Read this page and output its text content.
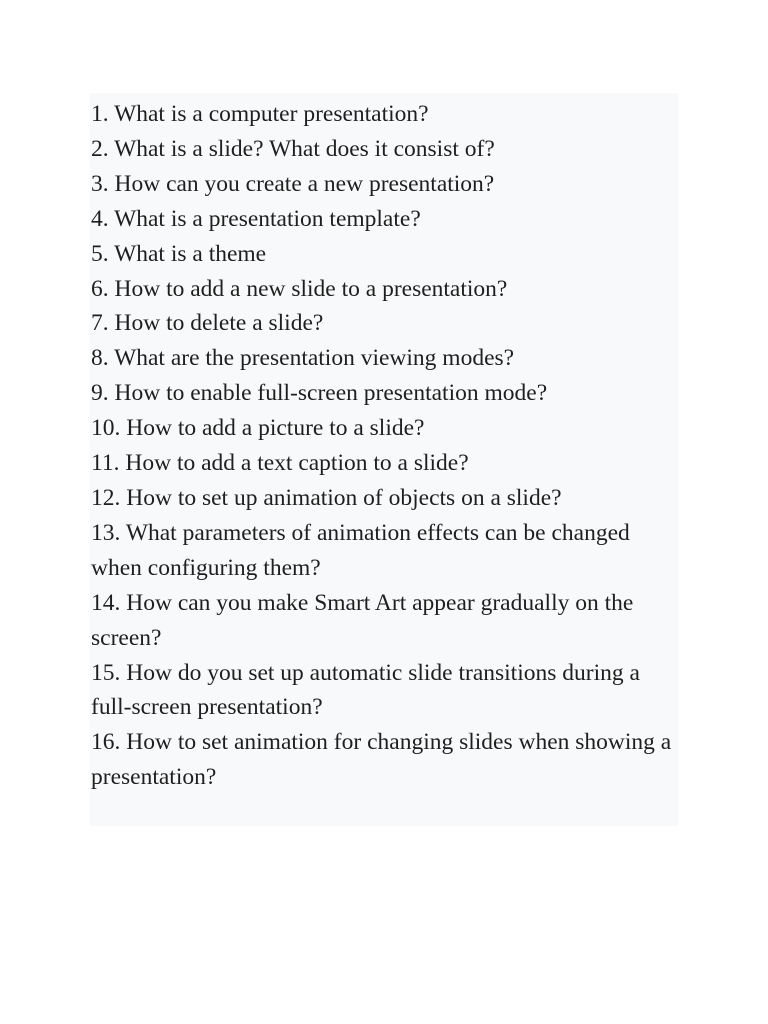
1. What is a computer presentation?
2. What is a slide? What does it consist of?
3. How can you create a new presentation?
4. What is a presentation template?
5. What is a theme
6. How to add a new slide to a presentation?
7. How to delete a slide?
8. What are the presentation viewing modes?
9. How to enable full-screen presentation mode?
10. How to add a picture to a slide?
11. How to add a text caption to a slide?
12. How to set up animation of objects on a slide?
13. What parameters of animation effects can be changed when configuring them?
14. How can you make Smart Art appear gradually on the screen?
15. How do you set up automatic slide transitions during a full-screen presentation?
16. How to set animation for changing slides when showing a presentation?
